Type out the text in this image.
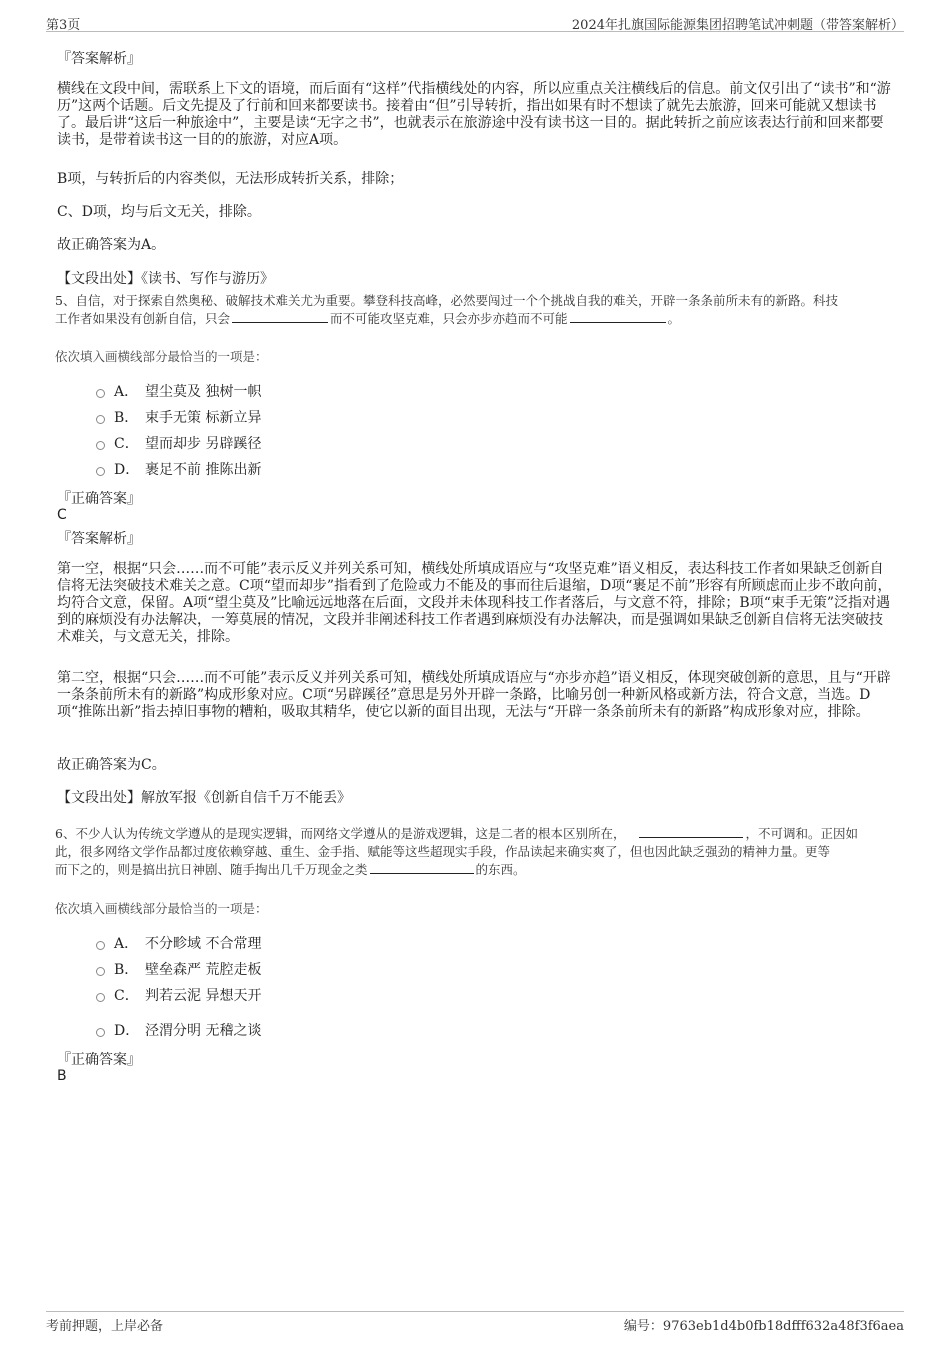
第3页	2024年扎旗国际能源集团招聘笔试冲刺题（带答案解析）
『答案解析』

横线在文段中间，需联系上下文的语境，而后面有“这样”代指横线处的内容，所以应重点关注横线后的信息。前文仅引出了“读书”和“游历”这两个话题。后文先提及了行前和回来都要读书。接着由“但”引导转折，指出如果有时不想读了就先去旅游，回来可能就又想读书了。最后讲“这后一种旅途中”，主要是读“无字之书”，也就表示在旅游途中没有读书这一目的。据此转折之前应该表达行前和回来都要读书，是带着读书这一目的的旅游，对应A项。

B项，与转折后的内容类似，无法形成转折关系，排除；

C、D项，均与后文无关，排除。

故正确答案为A。

【文段出处】《读书、写作与游历》

5、自信，对于探索自然奥秘、破解技术难关尤为重要。攀登科技高峰，必然要闯过一个个挑战自我的难关，开辟一条条前所未有的新路。科技
工作者如果没有创新自信，只会	而不可能攻坚克难，只会亦步亦趋而不可能	。
依次填入画横线部分最恰当的一项是：
A． 望尘莫及 独树一帜
B． 束手无策 标新立异
C． 望而却步 另辟蹊径
D． 裹足不前 推陈出新
『正确答案』
C
『答案解析』

第一空，根据“只会……而不可能”表示反义并列关系可知，横线处所填成语应与“攻坚克难”语义相反，表达科技工作者如果缺乏创新自信将无法突破技术难关之意。C项“望而却步”指看到了危险或力不能及的事而往后退缩，D项“裹足不前”形容有所顾虑而止步不敢向前，均符合文意，保留。A项“望尘莫及”比喻远远地落在后面，文段并未体现科技工作者落后，与文意不符，排除；B项“束手无策”泛指对遇到的麻烦没有办法解决，一筹莫展的情况，文段并非阐述科技工作者遇到麻烦没有办法解决，而是强调如果缺乏创新自信将无法突破技术难关，与文意无关，排除。

第二空，根据“只会……而不可能”表示反义并列关系可知，横线处所填成语应与“亦步亦趋”语义相反，体现突破创新的意思，且与“开辟一条条前所未有的新路”构成形象对应。C项“另辟蹊径”意思是另外开辟一条路，比喻另创一种新风格或新方法，符合文意，当选。D项“推陈出新”指去掉旧事物的糟粕，吸取其精华，使它以新的面目出现，无法与“开辟一条条前所未有的新路”构成形象对应，排除。

故正确答案为C。

【文段出处】解放军报《创新自信千万不能丢》

6、不少人认为传统文学遵从的是现实逻辑，而网络文学遵从的是游戏逻辑，这是二者的根本区别所在，	，不可调和。正因如
此，很多网络文学作品都过度依赖穿越、重生、金手指、赋能等这些超现实手段，作品读起来确实爽了，但也因此缺乏强劲的精神力量。更等
而下之的，则是搞出抗日神剧、随手掏出几千万现金之类	的东西。
依次填入画横线部分最恰当的一项是：
A． 不分畛域 不合常理
B． 壁垒森严 荒腔走板
C． 判若云泥 异想天开
D． 泾渭分明 无稽之谈
『正确答案』
B
考前押题，上岸必备	编号：9763eb1d4b0fb18dfff632a48f3f6aea
